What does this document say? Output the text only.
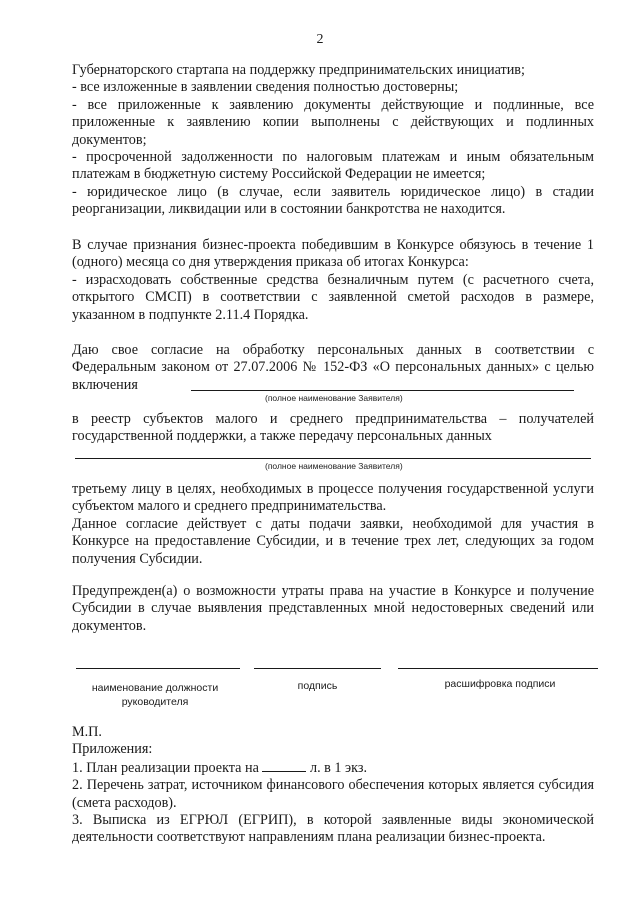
2

Губернаторского стартапа на поддержку предпринимательских инициатив;

- все изложенные в заявлении сведения полностью достоверны;

- все приложенные к заявлению документы действующие и подлинные, все приложенные к заявлению копии выполнены с действующих и подлинных документов;

- просроченной задолженности по налоговым платежам и иным обязательным платежам в бюджетную систему Российской Федерации не имеется;

- юридическое лицо (в случае, если заявитель юридическое лицо) в стадии реорганизации, ликвидации или в состоянии банкротства не находится.

В случае признания бизнес-проекта победившим в Конкурсе обязуюсь в течение 1 (одного) месяца со дня утверждения приказа об итогах Конкурса:

- израсходовать собственные средства безналичным путем (с расчетного счета, открытого СМСП) в соответствии с заявленной сметой расходов в размере, указанном в подпункте 2.11.4 Порядка.

Даю свое согласие на обработку персональных данных в соответствии с Федеральным законом от 27.07.2006 № 152-ФЗ «О персональных данных» с целью включения

(полное наименование Заявителя)

в реестр субъектов малого и среднего предпринимательства – получателей государственной поддержки, а также передачу персональных данных

(полное наименование Заявителя)

третьему лицу в целях, необходимых в процессе получения государственной услуги субъектом малого и среднего предпринимательства.

Данное согласие действует с даты подачи заявки, необходимой для участия в Конкурсе на предоставление Субсидии, и в течение трех лет, следующих за годом получения Субсидии.

Предупрежден(а) о возможности утраты права на участие в Конкурсе и получение Субсидии в случае выявления представленных мной недостоверных сведений или документов.

наименование должности руководителя
подпись	расшифровка подписи

М.П.

Приложения:

1. План реализации проекта на	л. в 1 экз.

2. Перечень затрат, источником финансового обеспечения которых является субсидия (смета расходов).

3. Выписка из ЕГРЮЛ (ЕГРИП), в которой заявленные виды экономической деятельности соответствуют направлениям плана реализации бизнес-проекта.
